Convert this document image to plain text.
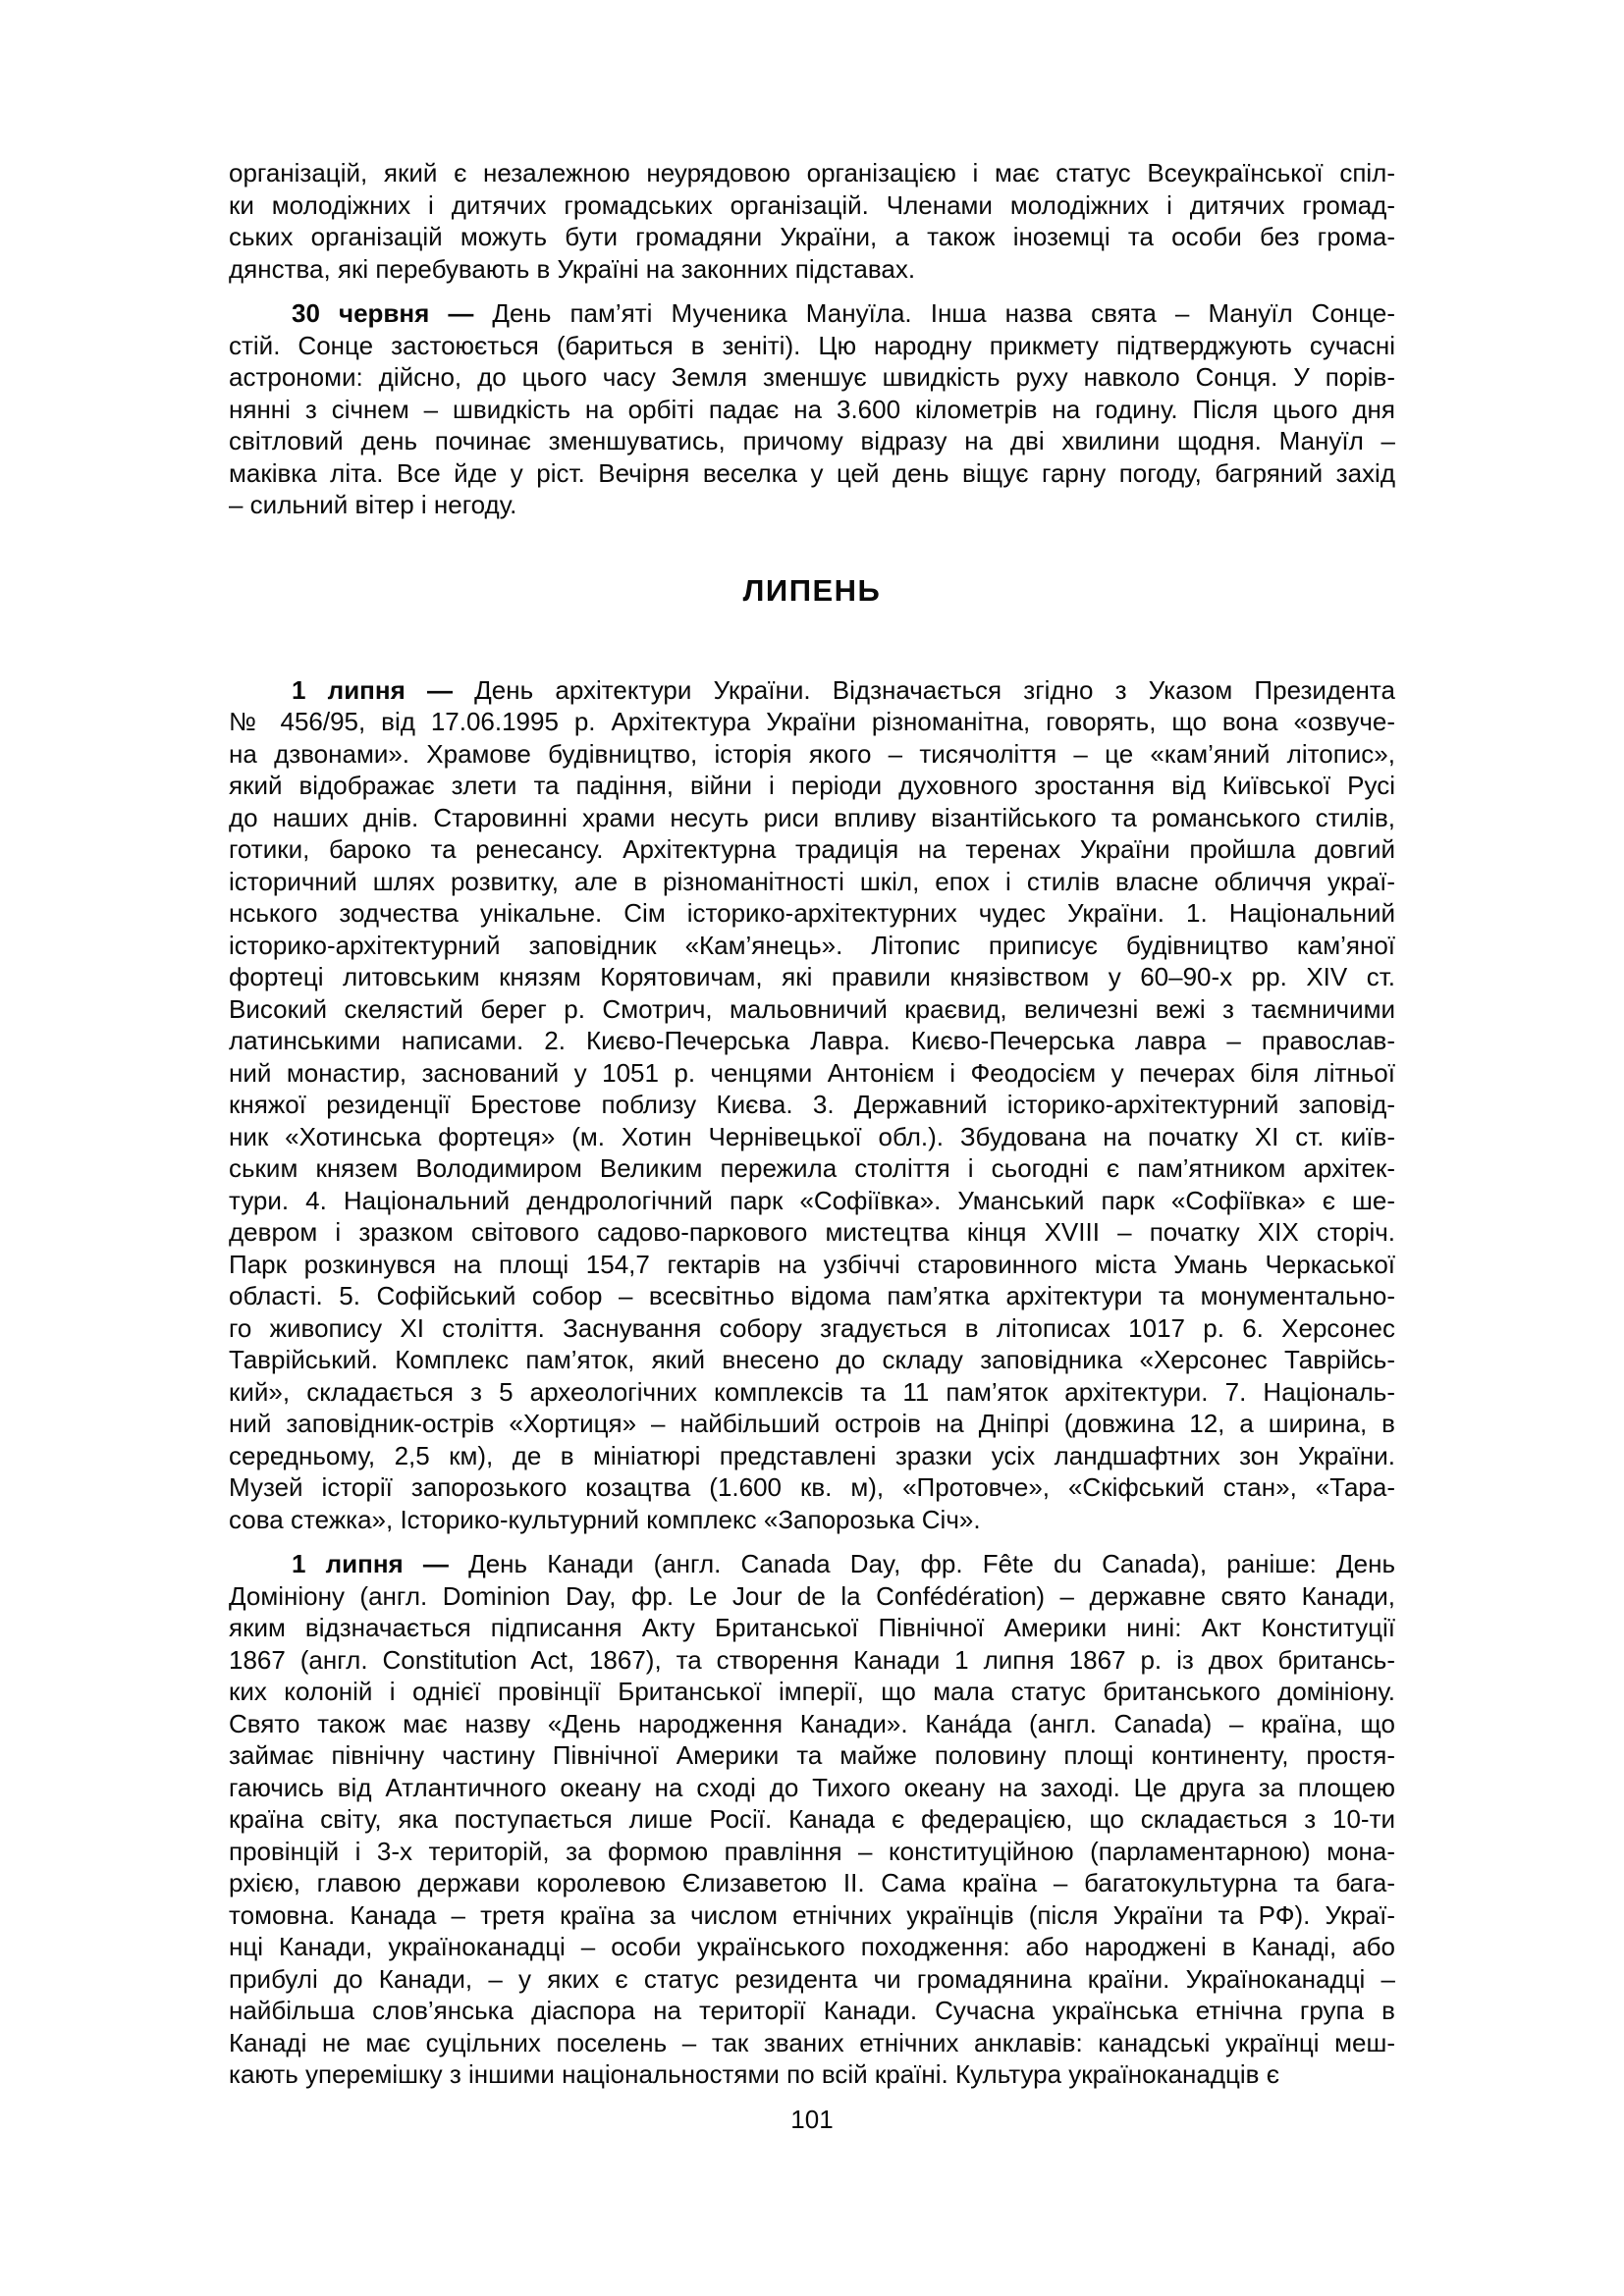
організацій, який є незалежною неурядовою організацією і має статус Всеукраїнської спіл-
ки молодіжних і дитячих громадських організацій. Членами молодіжних і дитячих громад-
ських організацій можуть бути громадяни України, а також іноземці та особи без грома-
дянства, які перебувають в Україні на законних підставах.
30 червня — День пам’яті Мученика Мануїла. Інша назва свята – Мануїл Сонце-
стій. Сонце застоюється (бариться в зеніті). Цю народну прикмету підтверджують сучасні
астрономи: дійсно, до цього часу Земля зменшує швидкість руху навколо Сонця. У порів-
нянні з січнем – швидкість на орбіті падає на 3.600 кілометрів на годину. Після цього дня
світловий день починає зменшуватись, причому відразу на дві хвилини щодня. Мануїл –
маківка літа. Все йде у ріст. Вечірня веселка у цей день віщує гарну погоду, багряний захід
– сильний вітер і негоду.
ЛИПЕНЬ
1 липня — День архітектури України. Відзначається згідно з Указом Президента
№ 456/95, від 17.06.1995 р. Архітектура України різноманітна, говорять, що вона «озвуче-
на дзвонами». Храмове будівництво, історія якого – тисячоліття – це «кам’яний літопис»,
який відображає злети та падіння, війни і періоди духовного зростання від Київської Русі
до наших днів. Старовинні храми несуть риси впливу візантійського та романського стилів,
готики, бароко та ренесансу. Архітектурна традиція на теренах України пройшла довгий
історичний шлях розвитку, але в різноманітності шкіл, епох і стилів власне обличчя украї-
нського зодчества унікальне. Сім історико-архітектурних чудес України. 1. Національний
історико-архітектурний заповідник «Кам’янець». Літопис приписує будівництво кам’яної
фортеці литовським князям Корятовичам, які правили князівством у 60–90-х рр. XIV ст.
Високий скелястий берег р. Смотрич, мальовничий краєвид, величезні вежі з таємничими
латинськими написами. 2. Києво-Печерська Лавра. Києво-Печерська лавра – православ-
ний монастир, заснований у 1051 р. ченцями Антонієм і Феодосієм у печерах біля літньої
княжої резиденції Брестове поблизу Києва. 3. Державний історико-архітектурний заповід-
ник «Хотинська фортеця» (м. Хотин Чернівецької обл.). Збудована на початку XI ст. київ-
ським князем Володимиром Великим пережила століття і сьогодні є пам’ятником архітек-
тури. 4. Національний дендрологічний парк «Софіївка». Уманський парк «Софіївка» є ше-
девром і зразком світового садово-паркового мистецтва кінця XVIII – початку XIX сторіч.
Парк розкинувся на площі 154,7 гектарів на узбіччі старовинного міста Умань Черкаської
області. 5. Софійський собор – всесвітньо відома пам’ятка архітектури та монументально-
го живопису XI століття. Заснування собору згадується в літописах 1017 р. 6. Херсонес
Таврійський. Комплекс пам’яток, який внесено до складу заповідника «Херсонес Таврійсь-
кий», складається з 5 археологічних комплексів та 11 пам’яток архітектури. 7. Національ-
ний заповідник-острів «Хортиця» – найбільший остроів на Дніпрі (довжина 12, а ширина, в
середньому, 2,5 км), де в мініатюрі представлені зразки усіх ландшафтних зон України.
Музей історії запорозького козацтва (1.600 кв. м), «Протовче», «Скіфський стан», «Тара-
сова стежка», Історико-культурний комплекс «Запорозька Січ».
1 липня — День Канади (англ. Canada Day, фр. Fête du Canada), раніше: День
Домініону (англ. Dominion Day, фр. Le Jour de la Confédération) – державне свято Канади,
яким відзначається підписання Акту Британської Північної Америки нині: Акт Конституції
1867 (англ. Constitution Act, 1867), та створення Канади 1 липня 1867 р. із двох британсь-
ких колоній і однієї провінції Британської імперії, що мала статус британського домініону.
Свято також має назву «День народження Канади». Кана́да (англ. Canada) – країна, що
займає північну частину Північної Америки та майже половину площі континенту, простя-
гаючись від Атлантичного океану на сході до Тихого океану на заході. Це друга за площею
країна світу, яка поступається лише Росії. Канада є федерацією, що складається з 10-ти
провінцій і 3-х територій, за формою правління – конституційною (парламентарною) мона-
рхією, главою держави королевою Єлизаветою II. Сама країна – багатокультурна та бага-
томовна. Канада – третя країна за числом етнічних українців (після України та РФ). Украї-
нці Канади, україноканадці – особи українського походження: або народжені в Канаді, або
прибулі до Канади, – у яких є статус резидента чи громадянина країни. Україноканадці –
найбільша слов’янська діаспора на території Канади. Сучасна українська етнічна група в
Канаді не має суцільних поселень – так званих етнічних анклавів: канадські українці меш-
кають уперемішку з іншими національностями по всій країні. Культура україноканадців є
101
